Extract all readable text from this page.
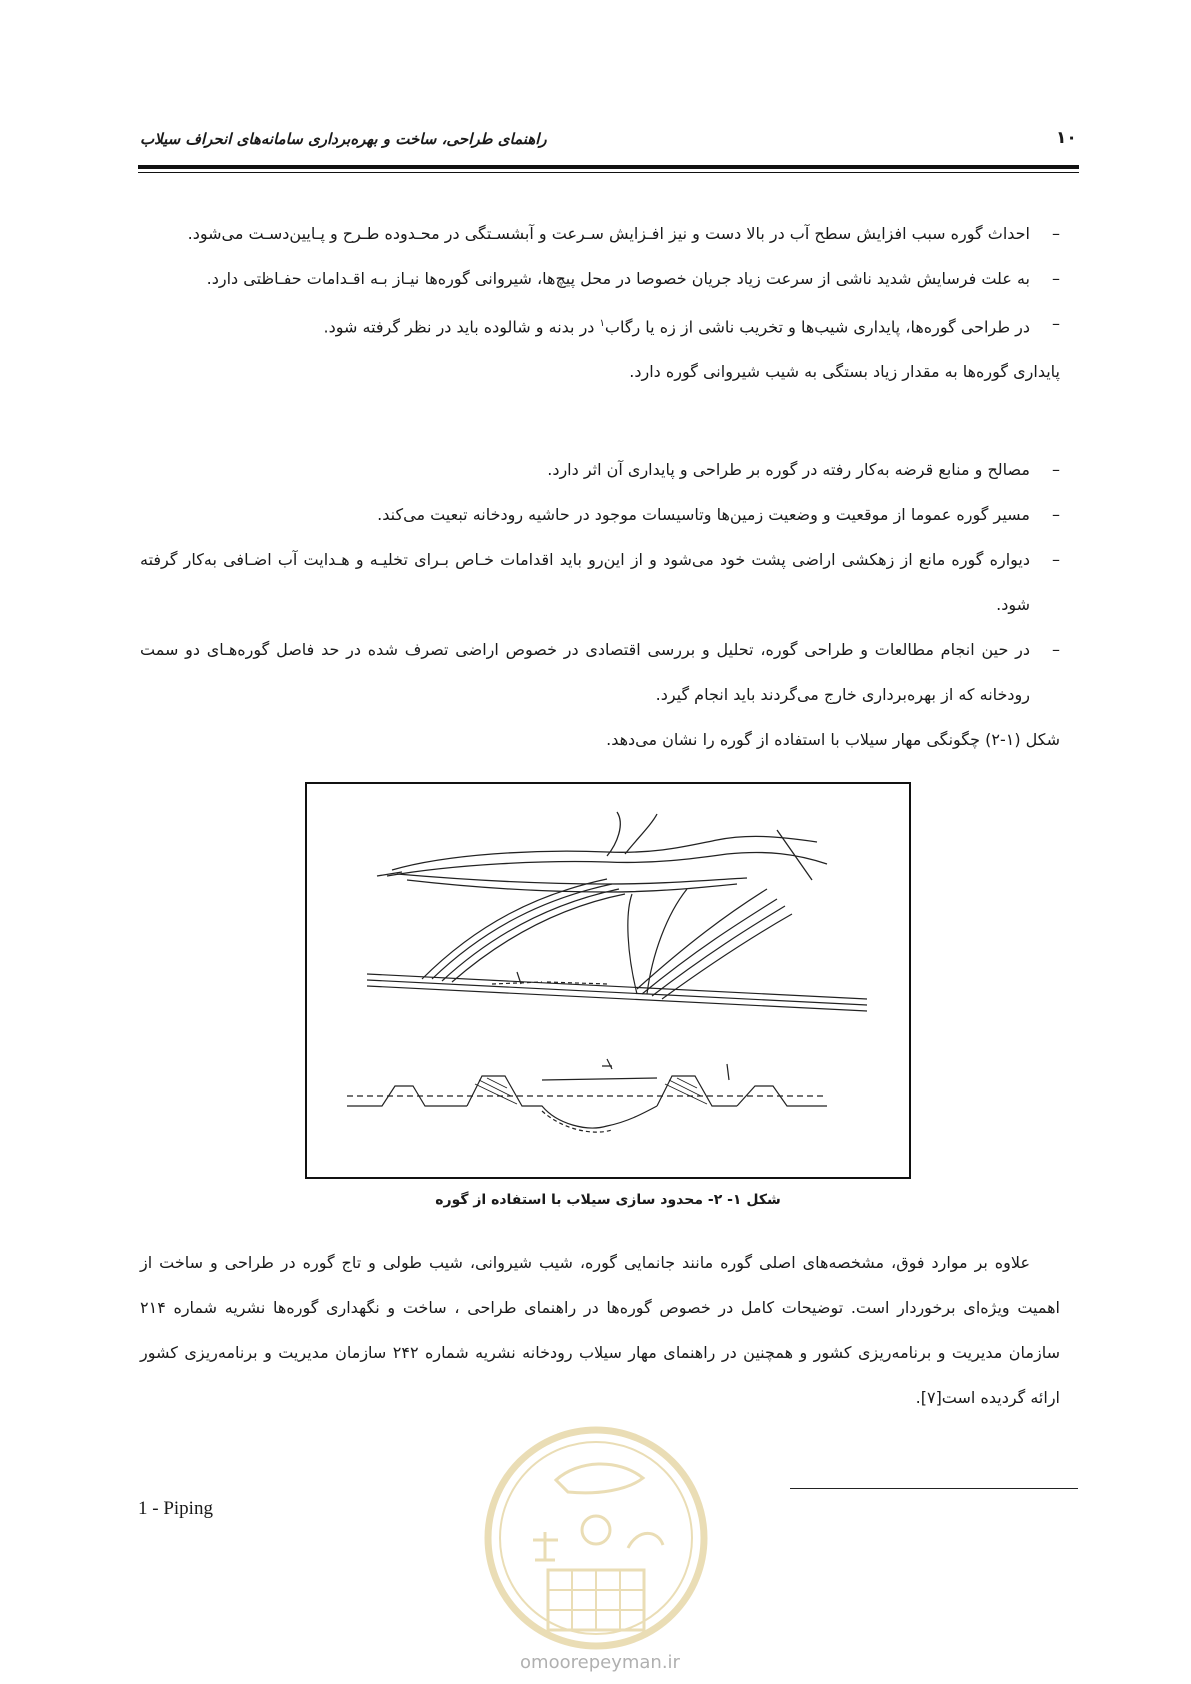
راهنمای طراحی، ساخت و بهره‌برداری سامانه‌های انحراف سیلاب	۱۰
–
احداث گوره سبب افزایش سطح آب در بالا دست و نیز افـزایش سـرعت و آبشسـتگی در محـدوده طـرح و پـایین‌دسـت می‌شود.
–
به علت فرسایش شدید ناشی از سرعت زیاد جریان خصوصا در محل پیچ‌ها، شیروانی گوره‌ها نیـاز بـه اقـدامات حفـاظتی دارد.
–
در طراحی گوره‌ها، پایداری شیب‌ها و تخریب ناشی از زه یا رگاب$^۱$ در بدنه و شالوده باید در نظر گرفته شود.
پایداری گوره‌ها به مقدار زیاد بستگی به شیب شیروانی گوره دارد.
–
مصالح و منابع قرضه به‌کار رفته در گوره بر طراحی و پایداری آن اثر دارد.
–
مسیر گوره عموما از موقعیت و وضعیت زمین‌ها وتاسیسات موجود در حاشیه رودخانه تبعیت می‌کند.
–
دیواره گوره مانع از زهکشی اراضی پشت خود می‌شود و از این‌رو باید اقدامات خـاص بـرای تخلیـه و هـدایت آب اضـافی به‌کار گرفته شود.
–
در حین انجام مطالعات و طراحی گوره، تحلیل و بررسی اقتصادی در خصوص اراضی تصرف شده در حد فاصل گوره‌هـای دو سمت رودخانه که از بهره‌برداری خارج می‌گردند باید انجام گیرد.
شکل (۱-۲) چگونگی مهار سیلاب با استفاده از گوره را نشان می‌دهد.
شکل ۱- ۲- محدود سازی سیلاب با استفاده از گوره
علاوه بر موارد فوق، مشخصه‌های اصلی گوره مانند جانمایی گوره، شیب شیروانی، شیب طولی و تاج گوره در طراحی و ساخت از اهمیت ویژه‌ای برخوردار است. توضیحات کامل در خصوص گوره‌ها در راهنمای طراحی ، ساخت و نگهداری گوره‌ها نشریه شماره ۲۱۴ سازمان مدیریت و برنامه‌ریزی کشور و همچنین در راهنمای مهار سیلاب رودخانه نشریه شماره ۲۴۲ سازمان مدیریت و برنامه‌ریزی کشور ارائه گردیده است[۷].
1 - Piping
omoorepeyman.ir
